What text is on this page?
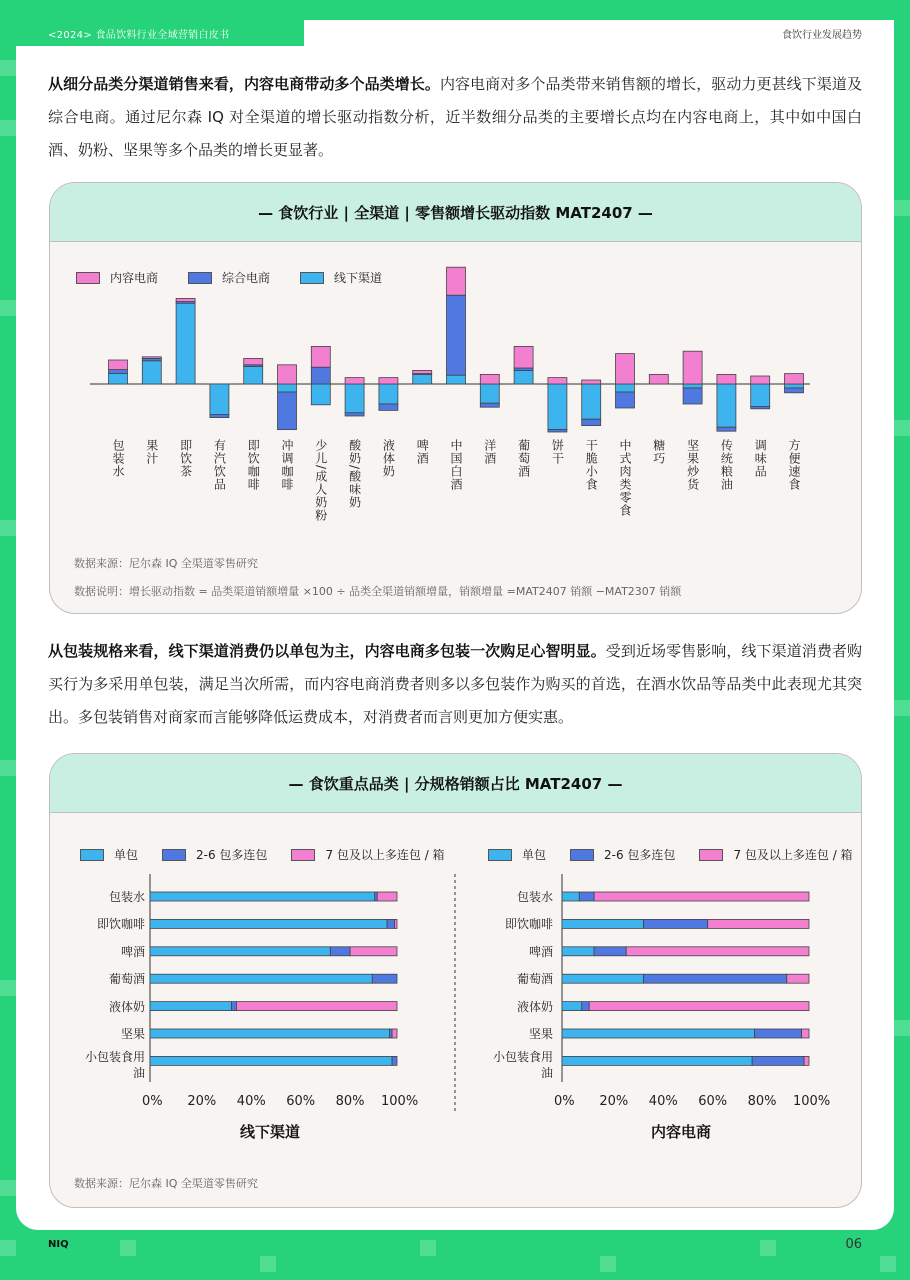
<2024> 食品饮料行业全域营销白皮书	食饮行业发展趋势
从细分品类分渠道销售来看，内容电商带动多个品类增长。内容电商对多个品类带来销售额的增长，驱动力更甚线下渠道及综合电商。通过尼尔森 IQ 对全渠道的增长驱动指数分析，近半数细分品类的主要增长点均在内容电商上，其中如中国白酒、奶粉、坚果等多个品类的增长更显著。
— 食饮行业 | 全渠道 | 零售额增长驱动指数 MAT2407 —
内容电商	综合电商	线下渠道
包装水 果汁 即饮茶 有汽饮品 即饮咖啡 冲调咖啡 少儿/成人奶粉 酸奶/酸味奶 液体奶 啤酒 中国白酒 洋酒 葡萄酒 饼干 干脆小食 中式肉类零食 糖巧 坚果炒货 传统粮油 调味品 方便速食
数据来源：尼尔森 IQ 全渠道零售研究
数据说明：增长驱动指数 = 品类渠道销额增量 ×100 ÷ 品类全渠道销额增量，销额增量 =MAT2407 销额 −MAT2307 销额
从包装规格来看，线下渠道消费仍以单包为主，内容电商多包装一次购足心智明显。受到近场零售影响，线下渠道消费者购买行为多采用单包装，满足当次所需，而内容电商消费者则多以多包装作为购买的首选，在酒水饮品等品类中此表现尤其突出。多包装销售对商家而言能够降低运费成本，对消费者而言则更加方便实惠。
— 食饮重点品类 | 分规格销额占比 MAT2407 —
单包	2-6 包多连包	7 包及以上多连包 / 箱	单包	2-6 包多连包	7 包及以上多连包 / 箱
包装水
即饮咖啡
啤酒
葡萄酒
液体奶
坚果
小包装食用油
0% 20% 40% 60% 80% 100%
包装水
即饮咖啡
啤酒
葡萄酒
液体奶
坚果
小包装食用油
0% 20% 40% 60% 80% 100%
线下渠道	内容电商
数据来源：尼尔森 IQ 全渠道零售研究
NIQ	06
